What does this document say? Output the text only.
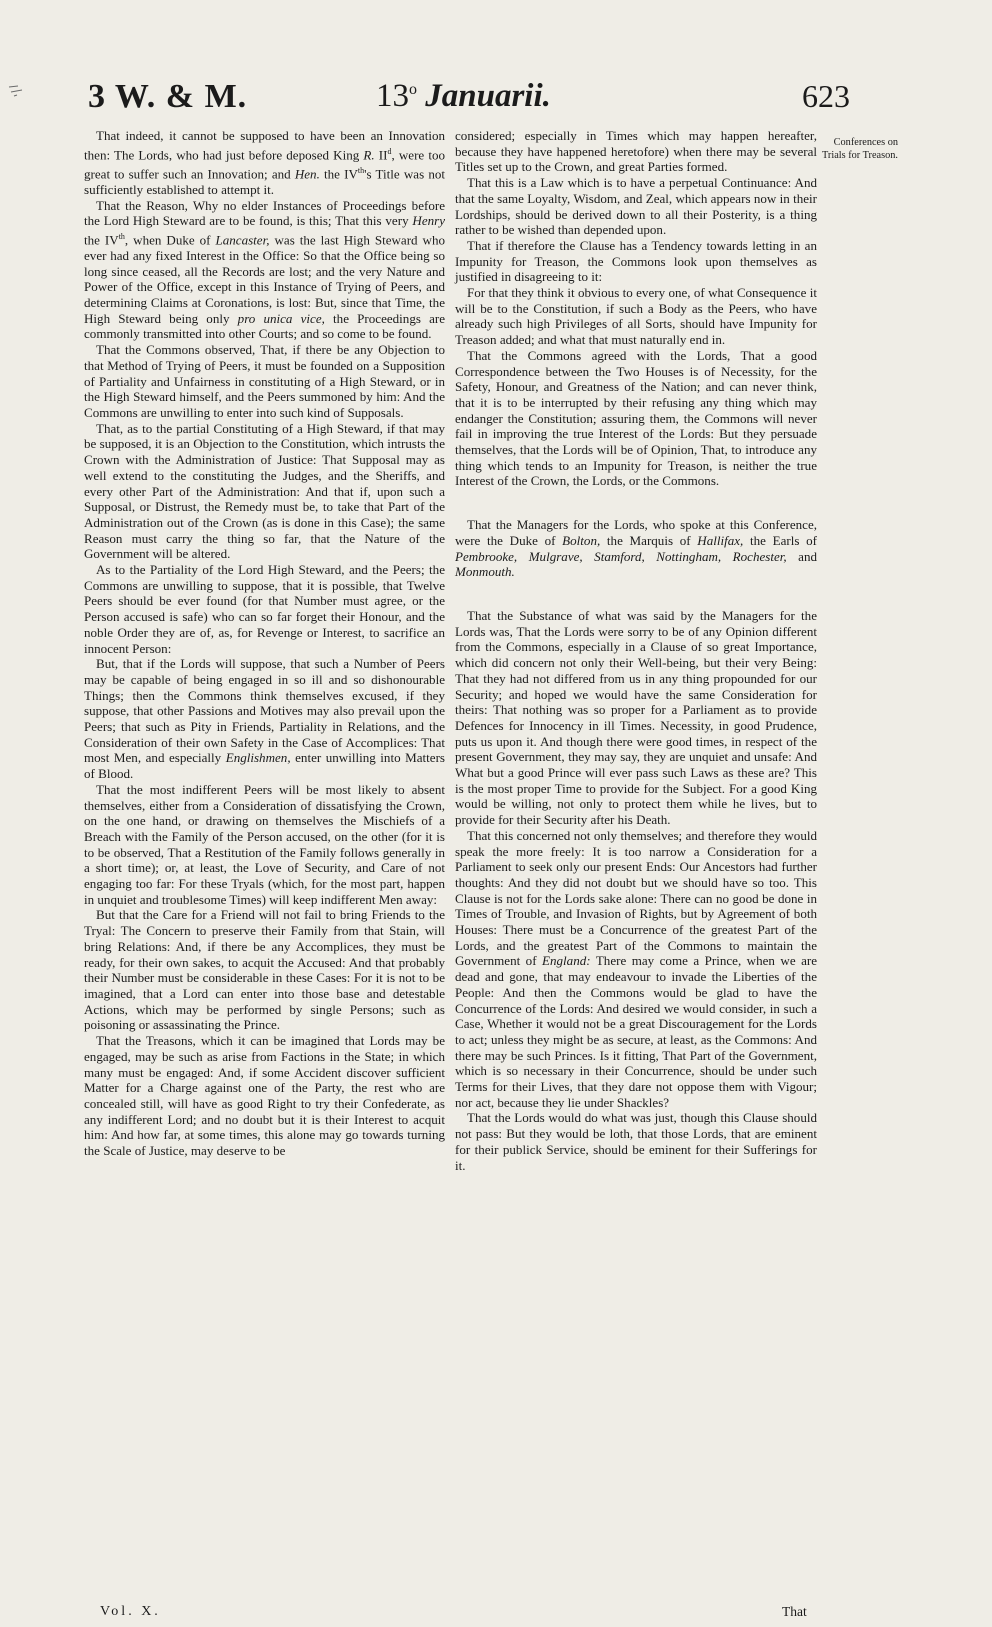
3 W. & M.	13$^o$ Januarii.	623

That indeed, it cannot be supposed to have been an Innovation then: The Lords, who had just before deposed King R. $II^d$, were too great to suffer such an Innovation; and Hen. the IVth's Title was not sufficiently established to attempt it.

That the Reason, Why no elder Instances of Proceedings before the Lord High Steward are to be found, is this; That this very Henry the IVth, when Duke of Lancaster, was the last High Steward who ever had any fixed Interest in the Office: So that the Office being so long since ceased, all the Records are lost; and the very Nature and Power of the Office, except in this Instance of Trying of Peers, and determining Claims at Coronations, is lost: But, since that Time, the High Steward being only pro unica vice, the Proceedings are commonly transmitted into other Courts; and so come to be found.

That the Commons observed, That, if there be any Objection to that Method of Trying of Peers, it must be founded on a Supposition of Partiality and Unfairness in constituting of a High Steward, or in the High Steward himself, and the Peers summoned by him: And the Commons are unwilling to enter into such kind of Supposals.

That, as to the partial Constituting of a High Steward, if that may be supposed, it is an Objection to the Constitution, which intrusts the Crown with the Administration of Justice: That Supposal may as well extend to the constituting the Judges, and the Sheriffs, and every other Part of the Administration: And that if, upon such a Supposal, or Distrust, the Remedy must be, to take that Part of the Administration out of the Crown (as is done in this Case); the same Reason must carry the thing so far, that the Nature of the Government will be altered.

As to the Partiality of the Lord High Steward, and the Peers; the Commons are unwilling to suppose, that it is possible, that Twelve Peers should be ever found (for that Number must agree, or the Person accused is safe) who can so far forget their Honour, and the noble Order they are of, as, for Revenge or Interest, to sacrifice an innocent Person:

But, that if the Lords will suppose, that such a Number of Peers may be capable of being engaged in so ill and so dishonourable Things; then the Commons think themselves excused, if they suppose, that other Passions and Motives may also prevail upon the Peers; that such as Pity in Friends, Partiality in Relations, and the Consideration of their own Safety in the Case of Accomplices: That most Men, and especially Englishmen, enter unwilling into Matters of Blood.

That the most indifferent Peers will be most likely to absent themselves, either from a Consideration of dissatisfying the Crown, on the one hand, or drawing on themselves the Mischiefs of a Breach with the Family of the Person accused, on the other (for it is to be observed, That a Restitution of the Family follows generally in a short time); or, at least, the Love of Security, and Care of not engaging too far: For these Tryals (which, for the most part, happen in unquiet and troublesome Times) will keep indifferent Men away:

But that the Care for a Friend will not fail to bring Friends to the Tryal: The Concern to preserve their Family from that Stain, will bring Relations: And, if there be any Accomplices, they must be ready, for their own sakes, to acquit the Accused: And that probably their Number must be considerable in these Cases: For it is not to be imagined, that a Lord can enter into those base and detestable Actions, which may be performed by single Persons; such as poisoning or assassinating the Prince.

That the Treasons, which it can be imagined that Lords may be engaged, may be such as arise from Factions in the State; in which many must be engaged: And, if some Accident discover sufficient Matter for a Charge against one of the Party, the rest who are concealed still, will have as good Right to try their Confederate, as any indifferent Lord; and no doubt but it is their Interest to acquit him: And how far, at some times, this alone may go towards turning the Scale of Justice, may deserve to be

considered; especially in Times which may happen hereafter, because they have happened heretofore) when there may be several Titles set up to the Crown, and great Parties formed.

That this is a Law which is to have a perpetual Continuance: And that the same Loyalty, Wisdom, and Zeal, which appears now in their Lordships, should be derived down to all their Posterity, is a thing rather to be wished than depended upon.

That if therefore the Clause has a Tendency towards letting in an Impunity for Treason, the Commons look upon themselves as justified in disagreeing to it:

For that they think it obvious to every one, of what Consequence it will be to the Constitution, if such a Body as the Peers, who have already such high Privileges of all Sorts, should have Impunity for Treason added; and what that must naturally end in.

That the Commons agreed with the Lords, That a good Correspondence between the Two Houses is of Necessity, for the Safety, Honour, and Greatness of the Nation; and can never think, that it is to be interrupted by their refusing any thing which may endanger the Constitution; assuring them, the Commons will never fail in improving the true Interest of the Lords: But they persuade themselves, that the Lords will be of Opinion, That, to introduce any thing which tends to an Impunity for Treason, is neither the true Interest of the Crown, the Lords, or the Commons.

That the Managers for the Lords, who spoke at this Conference, were the Duke of Bolton, the Marquis of Hallifax, the Earls of Pembrooke, Mulgrave, Stamford, Nottingham, Rochester, and Monmouth.

That the Substance of what was said by the Managers for the Lords was, That the Lords were sorry to be of any Opinion different from the Commons, especially in a Clause of so great Importance, which did concern not only their Well-being, but their very Being: That they had not differed from us in any thing propounded for our Security; and hoped we would have the same Consideration for theirs: That nothing was so proper for a Parliament as to provide Defences for Innocency in ill Times. Necessity, in good Prudence, puts us upon it. And though there were good times, in respect of the present Government, they may say, they are unquiet and unsafe: And What but a good Prince will ever pass such Laws as these are? This is the most proper Time to provide for the Subject. For a good King would be willing, not only to protect them while he lives, but to provide for their Security after his Death.

That this concerned not only themselves; and therefore they would speak the more freely: It is too narrow a Consideration for a Parliament to seek only our present Ends: Our Ancestors had further thoughts: And they did not doubt but we should have so too. This Clause is not for the Lords sake alone: There can no good be done in Times of Trouble, and Invasion of Rights, but by Agreement of both Houses: There must be a Concurrence of the greatest Part of the Lords, and the greatest Part of the Commons to maintain the Government of England: There may come a Prince, when we are dead and gone, that may endeavour to invade the Liberties of the People: And then the Commons would be glad to have the Concurrence of the Lords: And desired we would consider, in such a Case, Whether it would not be a great Discouragement for the Lords to act; unless they might be as secure, at least, as the Commons: And there may be such Princes. Is it fitting, That Part of the Government, which is so necessary in their Concurrence, should be under such Terms for their Lives, that they dare not oppose them with Vigour; nor act, because they lie under Shackles?

That the Lords would do what was just, though this Clause should not pass: But they would be loth, that those Lords, that are eminent for their publick Service, should be eminent for their Sufferings for it.

Conferences on Trials for Treason.
Vol. X.	That
